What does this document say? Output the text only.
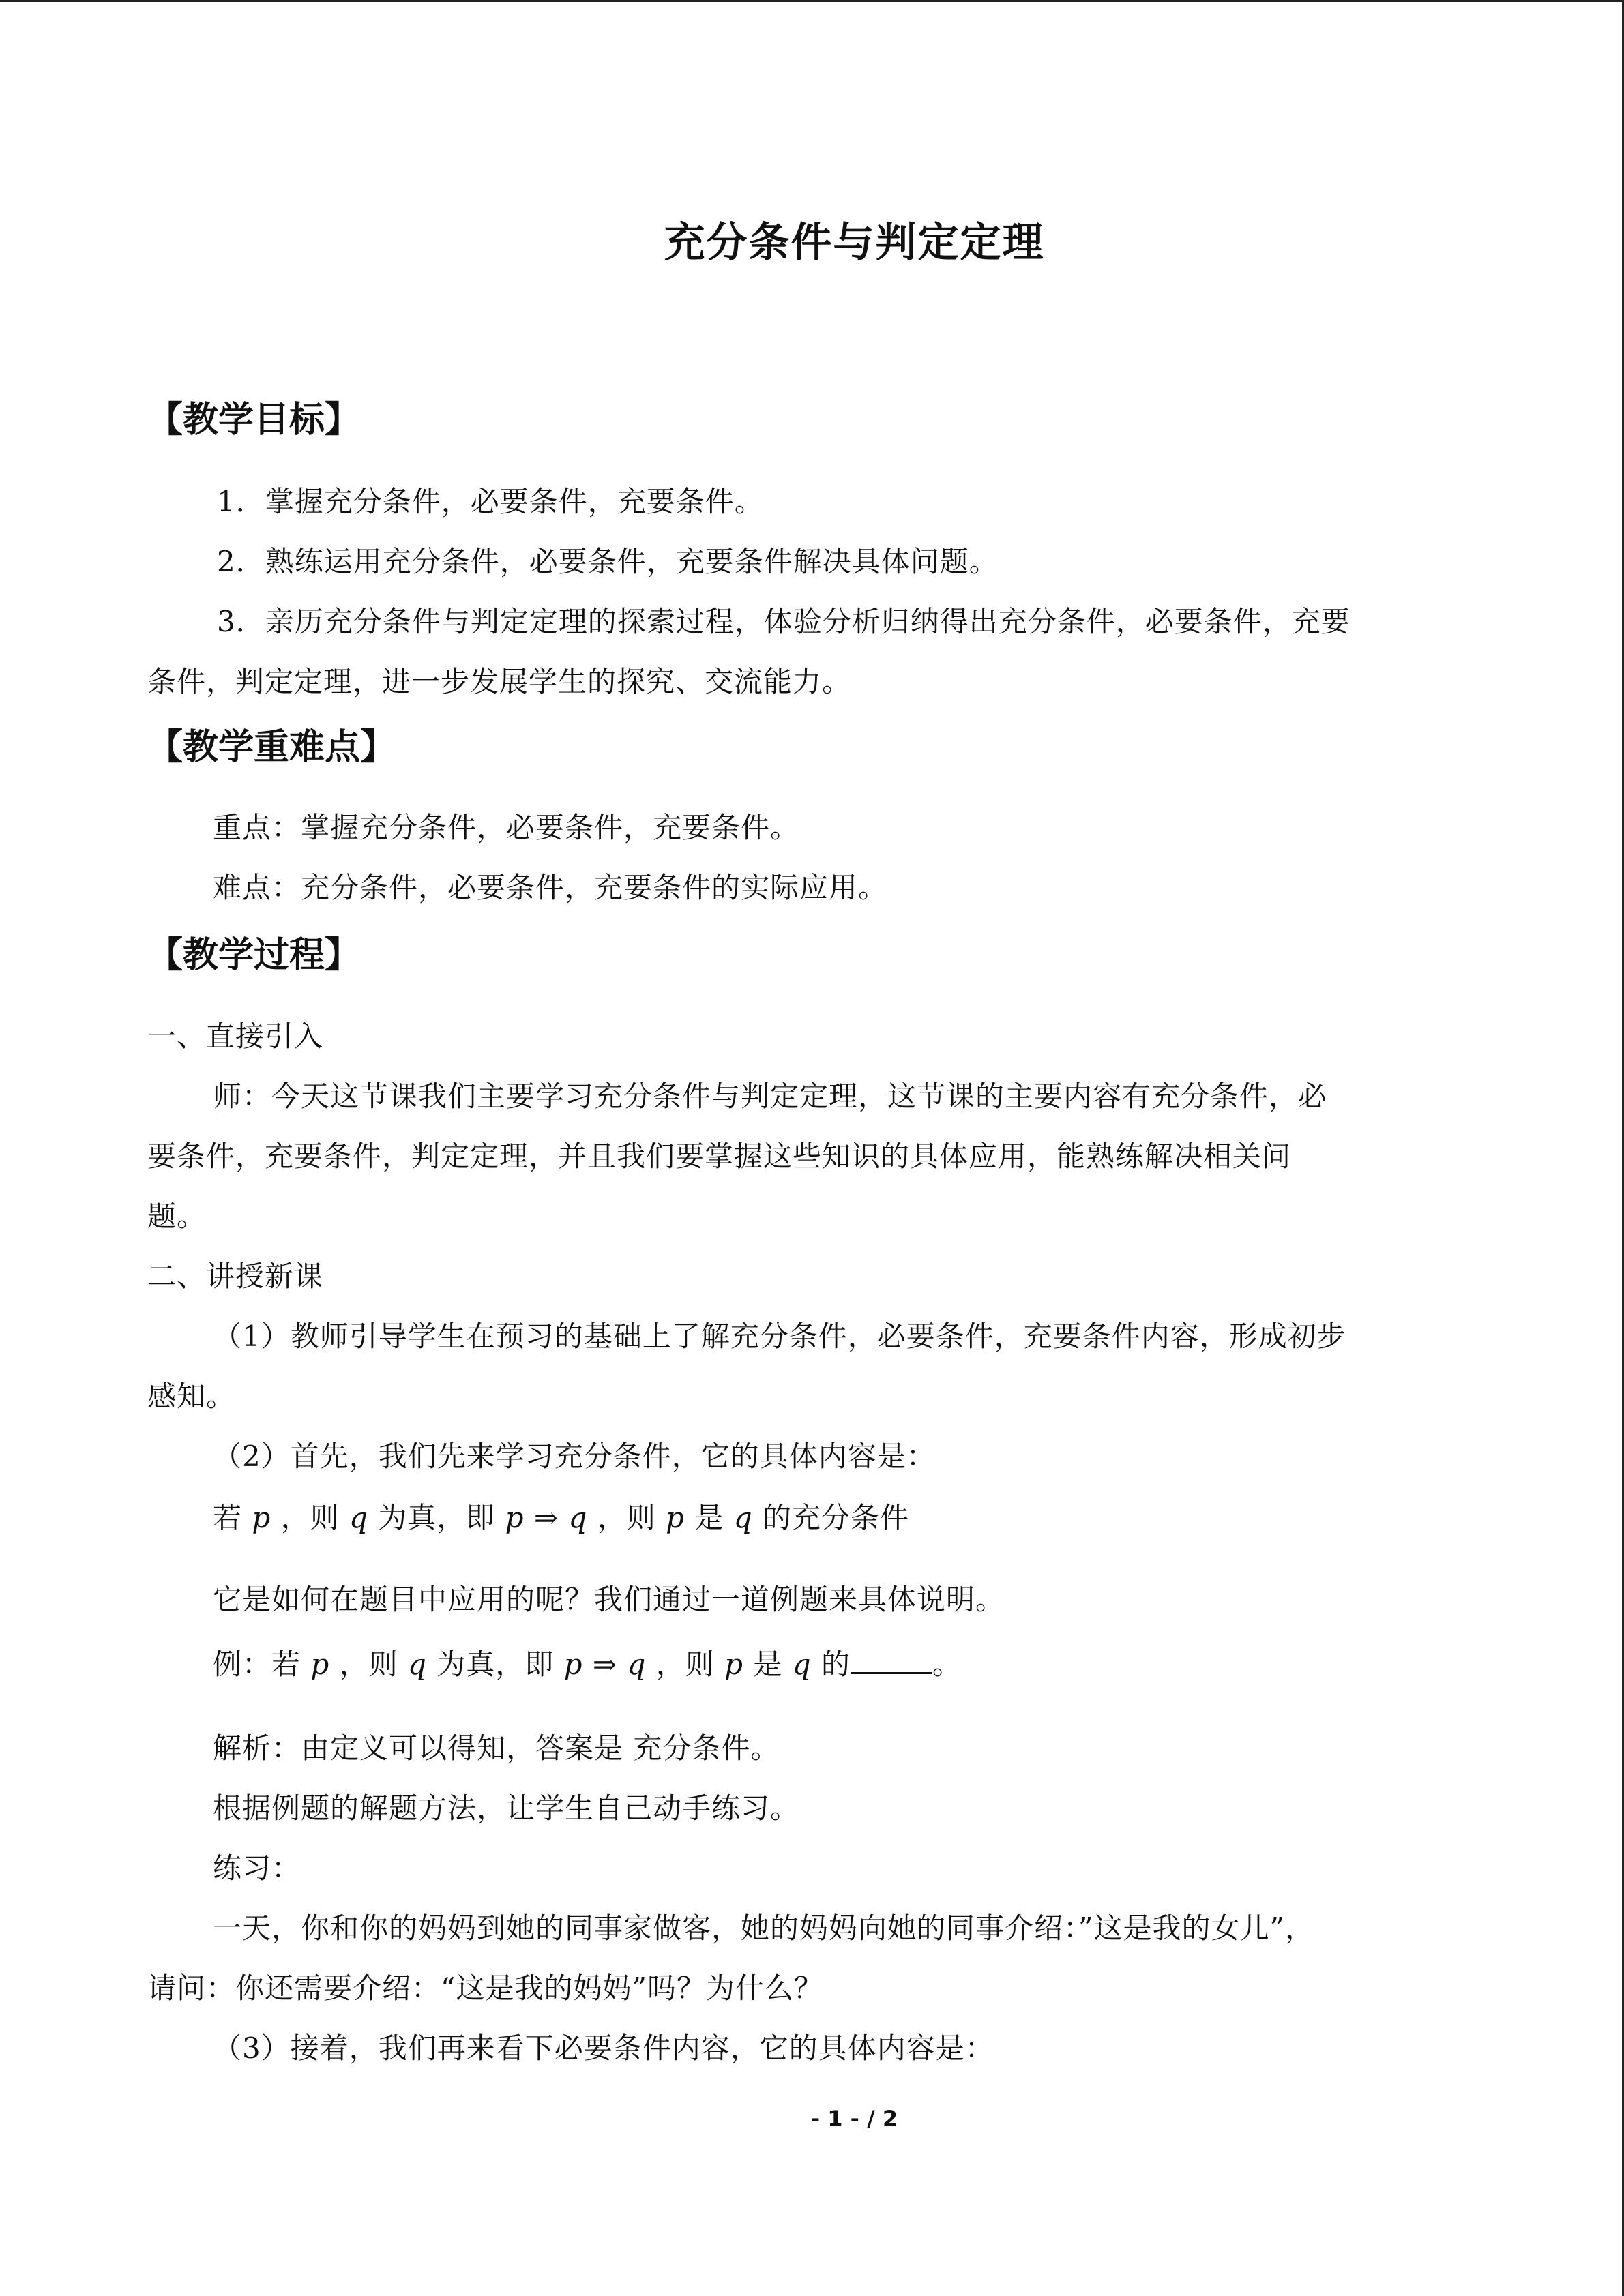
充分条件与判定定理
【教学目标】
1．掌握充分条件，必要条件，充要条件。
2．熟练运用充分条件，必要条件，充要条件解决具体问题。
3．亲历充分条件与判定定理的探索过程，体验分析归纳得出充分条件，必要条件，充要
条件，判定定理，进一步发展学生的探究、交流能力。
【教学重难点】
重点：掌握充分条件，必要条件，充要条件。
难点：充分条件，必要条件，充要条件的实际应用。
【教学过程】
一、直接引入
师：今天这节课我们主要学习充分条件与判定定理，这节课的主要内容有充分条件，必
要条件，充要条件，判定定理，并且我们要掌握这些知识的具体应用，能熟练解决相关问
题。
二、讲授新课
（1）教师引导学生在预习的基础上了解充分条件，必要条件，充要条件内容，形成初步
感知。
（2）首先，我们先来学习充分条件，它的具体内容是：
若 p ，则 q 为真，即 p ⇒ q ，则 p 是 q 的充分条件
它是如何在题目中应用的呢？我们通过一道例题来具体说明。
例：若 p ，则 q 为真，即 p ⇒ q ，则 p 是 q 的	。
解析：由定义可以得知，答案是 充分条件。
根据例题的解题方法，让学生自己动手练习。
练习：
一天，你和你的妈妈到她的同事家做客，她的妈妈向她的同事介绍：”这是我的女儿”，
请问：你还需要介绍：“这是我的妈妈”吗？为什么？
（3）接着，我们再来看下必要条件内容，它的具体内容是：
- 1 - / 2
